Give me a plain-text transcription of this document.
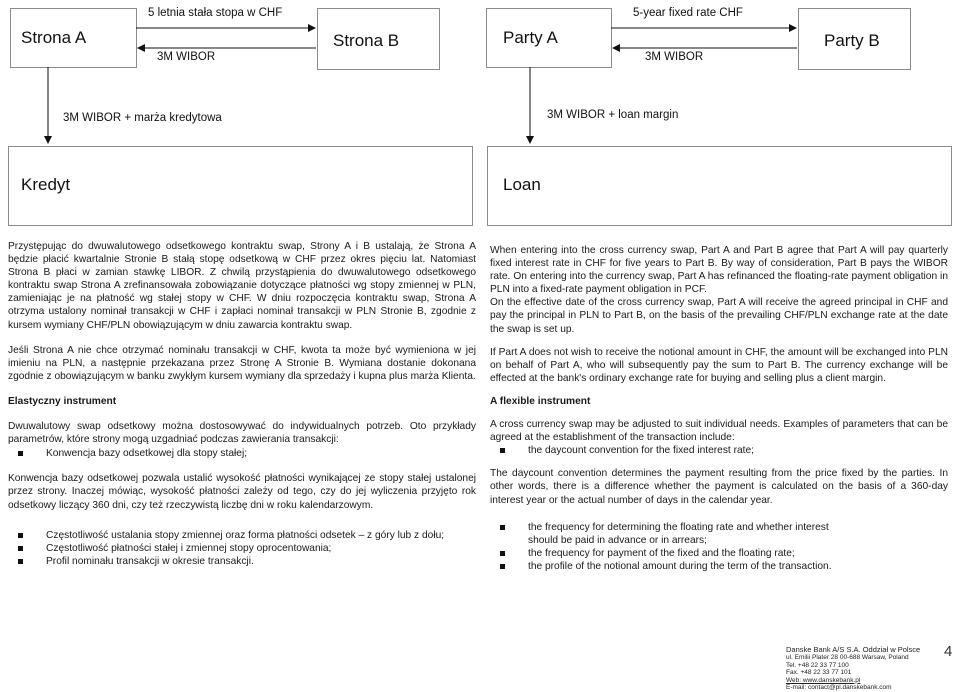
Strona A	Strona B
Kredyt
Party A	Party B
Loan
5 letnia stała stopa w CHF
3M WIBOR
3M WIBOR + marża kredytowa
5-year fixed rate CHF
3M WIBOR
3M WIBOR + loan margin

Przystępując do dwuwalutowego odsetkowego kontraktu swap, Strony A i B ustalają, że Strona A będzie płacić kwartalnie Stronie B stałą stopę odsetkową w CHF przez okres pięciu lat. Natomiast Strona B płaci w zamian stawkę LIBOR. Z chwilą przystąpienia do dwuwalutowego odsetkowego kontraktu swap Strona A zrefinansowała zobowiązanie dotyczące płatności wg stopy zmiennej w PLN, zamieniając je na płatność wg stałej stopy w CHF. W dniu rozpoczęcia kontraktu swap, Strona A otrzyma ustalony nominał transakcji w CHF i zapłaci nominał transakcji w PLN Stronie B, zgodnie z kursem wymiany CHF/PLN obowiązującym w dniu zawarcia kontraktu swap.

Jeśli Strona A nie chce otrzymać nominału transakcji w CHF, kwota ta może być wymieniona w jej imieniu na PLN, a następnie przekazana przez Stronę A Stronie B. Wymiana dostanie dokonana zgodnie z obowiązującym w banku zwykłym kursem wymiany dla sprzedaży i kupna plus marża Klienta.

Elastyczny instrument

Dwuwalutowy swap odsetkowy można dostosowywać do indywidualnych potrzeb. Oto przykłady parametrów, które strony mogą uzgadniać podczas zawierania transakcji:

Konwencja bazy odsetkowej dla stopy stałej;

Konwencja bazy odsetkowej pozwala ustalić wysokość płatności wynikającej ze stopy stałej ustalonej przez strony. Inaczej mówiąc, wysokość płatności zależy od tego, czy do jej wyliczenia przyjęto rok odsetkowy liczący 360 dni, czy też rzeczywistą liczbę dni w roku kalendarzowym.

Częstotliwość ustalania stopy zmiennej oraz forma płatności odsetek – z góry lub z dołu;
Częstotliwość płatności stałej i zmiennej stopy oprocentowania;
Profil nominału transakcji w okresie transakcji.

When entering into the cross currency swap, Part A and Part B agree that Part A will pay quarterly fixed interest rate in CHF for five years to Part B. By way of consideration, Part B pays the WIBOR rate. On entering into the currency swap, Part A has refinanced the floating-rate payment obligation in PLN into a fixed-rate payment obligation in PCF.

On the effective date of the cross currency swap, Part A will receive the agreed principal in CHF and pay the principal in PLN to Part B, on the basis of the prevailing CHF/PLN exchange rate at the date the swap is set up.

If Part A does not wish to receive the notional amount in CHF, the amount will be exchanged into PLN on behalf of Part A, who will subsequently pay the sum to Part B. The currency exchange will be effected at the bank's ordinary exchange rate for buying and selling plus a client margin.

A flexible instrument

A cross currency swap may be adjusted to suit individual needs. Examples of parameters that can be agreed at the establishment of the transaction include:

the daycount convention for the fixed interest rate;

The daycount convention determines the payment resulting from the price fixed by the parties. In other words, there is a difference whether the payment is calculated on the basis of a 360-day interest year or the actual number of days in the calendar year.

the frequency for determining the floating rate and whether interest
should be paid in advance or in arrears;
the frequency for payment of the fixed and the floating rate;
the profile of the notional amount during the term of the transaction.
Danske Bank A/S S.A. Oddział w Polsce
ul. Emilii Plater 28 00-688 Warsaw, Poland
Tel. +48 22 33 77 100
Fax. +48 22 33 77 101
Web: www.danskebank.pl
E-mail: contact@pl.danskebank.com
4
